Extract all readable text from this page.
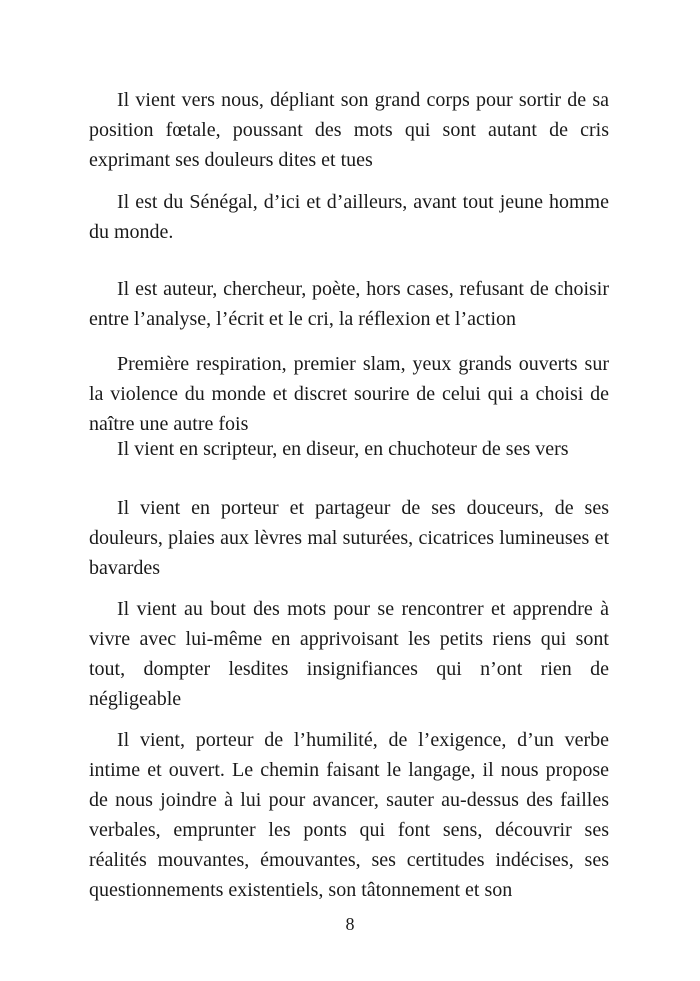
Il vient vers nous, dépliant son grand corps pour sortir de sa position fœtale, poussant des mots qui sont autant de cris exprimant ses douleurs dites et tues

Il est du Sénégal, d’ici et d’ailleurs, avant tout jeune homme du monde.

Il est auteur, chercheur, poète, hors cases, refusant de choisir entre l’analyse, l’écrit et le cri, la réflexion et l’action

Première respiration, premier slam, yeux grands ouverts sur la violence du monde et discret sourire de celui qui a choisi de naître une autre fois

Il vient en scripteur, en diseur, en chuchoteur de ses vers

Il vient en porteur et partageur de ses douceurs, de ses douleurs, plaies aux lèvres mal suturées, cicatrices lumineuses et bavardes

Il vient au bout des mots pour se rencontrer et apprendre à vivre avec lui-même en apprivoisant les petits riens qui sont tout, dompter lesdites insignifiances qui n’ont rien de négligeable

Il vient, porteur de l’humilité, de l’exigence, d’un verbe intime et ouvert. Le chemin faisant le langage, il nous propose de nous joindre à lui pour avancer, sauter au-dessus des failles verbales, emprunter les ponts qui font sens, découvrir ses réalités mouvantes, émouvantes, ses certitudes indécises, ses questionnements existentiels, son tâtonnement et son

8
